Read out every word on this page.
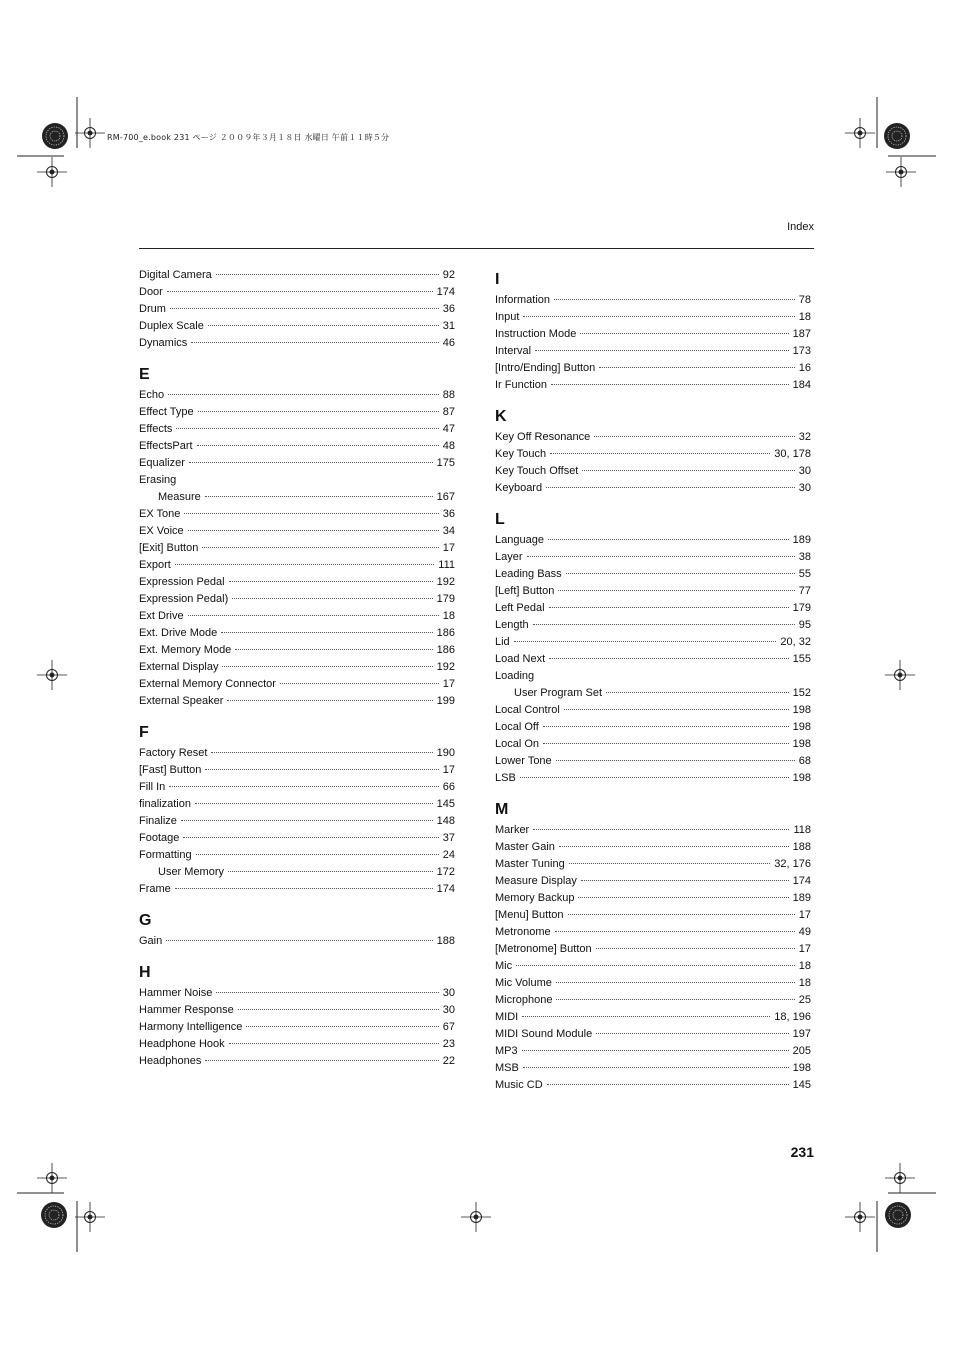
RM-700_e.book 231 ページ ２００９年３月１８日 水曜日 午前１１時５分
Index
Digital Camera	92
Door	174
Drum	36
Duplex Scale	31
Dynamics	46
E
Echo	88
Effect Type	87
Effects	47
EffectsPart	48
Equalizer	175
Erasing
Measure	167
EX Tone	36
EX Voice	34
[Exit] Button	17
Export	111
Expression Pedal	192
Expression Pedal)	179
Ext Drive	18
Ext. Drive Mode	186
Ext. Memory Mode	186
External Display	192
External Memory Connector	17
External Speaker	199
F
Factory Reset	190
[Fast] Button	17
Fill In	66
finalization	145
Finalize	148
Footage	37
Formatting	24
User Memory	172
Frame	174
G
Gain	188
H
Hammer Noise	30
Hammer Response	30
Harmony Intelligence	67
Headphone Hook	23
Headphones	22
I
Information	78
Input	18
Instruction Mode	187
Interval	173
[Intro/Ending] Button	16
Ir Function	184
K
Key Off Resonance	32
Key Touch	30, 178
Key Touch Offset	30
Keyboard	30
L
Language	189
Layer	38
Leading Bass	55
[Left] Button	77
Left Pedal	179
Length	95
Lid	20, 32
Load Next	155
Loading
User Program Set	152
Local Control	198
Local Off	198
Local On	198
Lower Tone	68
LSB	198
M
Marker	118
Master Gain	188
Master Tuning	32, 176
Measure Display	174
Memory Backup	189
[Menu] Button	17
Metronome	49
[Metronome] Button	17
Mic	18
Mic Volume	18
Microphone	25
MIDI	18, 196
MIDI Sound Module	197
MP3	205
MSB	198
Music CD	145
231
